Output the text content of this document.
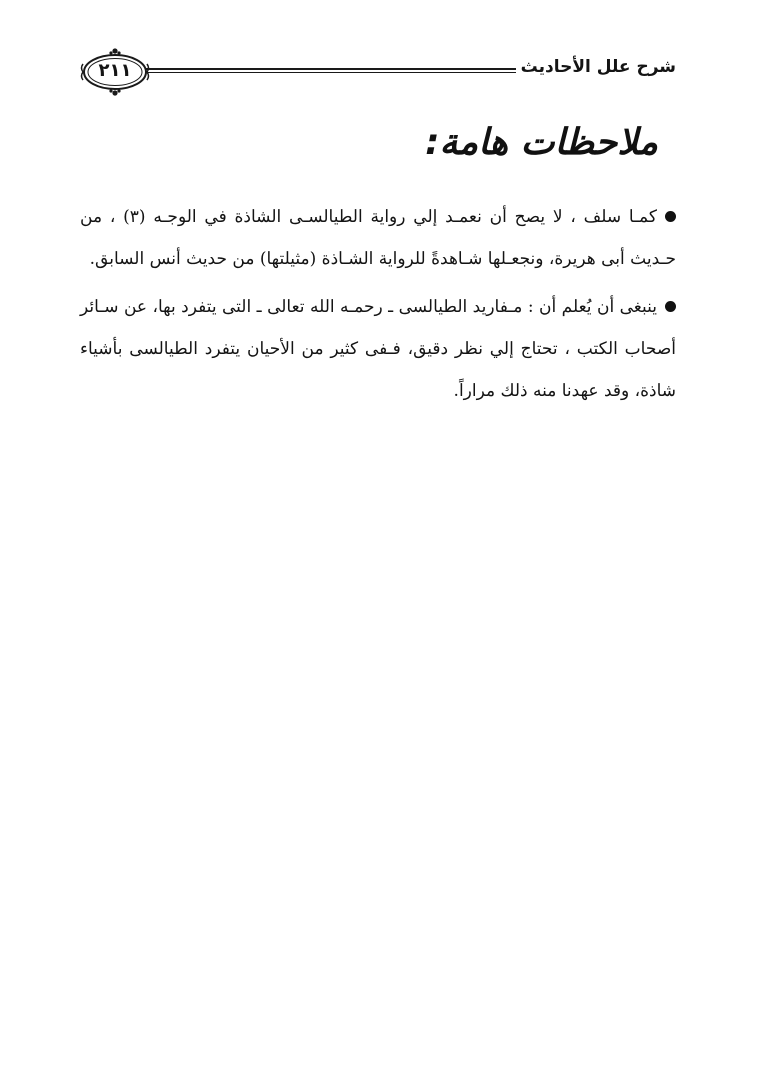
٢١١	شرح علل الأحاديث
ملاحظات هامة:

كمـا سلف ، لا يصح أن نعمـد إلي رواية الطيالسـى الشاذة في الوجـه (٣) ، من حـديث أبى هريرة، ونجعـلها شـاهدةً للرواية الشـاذة (مثيلتها) من حديث أنس السابق.

ينبغى أن يُعلم أن : مـفاريد الطيالسى ـ رحمـه الله تعالى ـ التى يتفرد بها، عن سـائر أصحاب الكتب ، تحتاج إلي نظر دقيق، فـفى كثير من الأحيان يتفرد الطيالسى بأشياء شاذة، وقد عهدنا منه ذلك مراراً.
